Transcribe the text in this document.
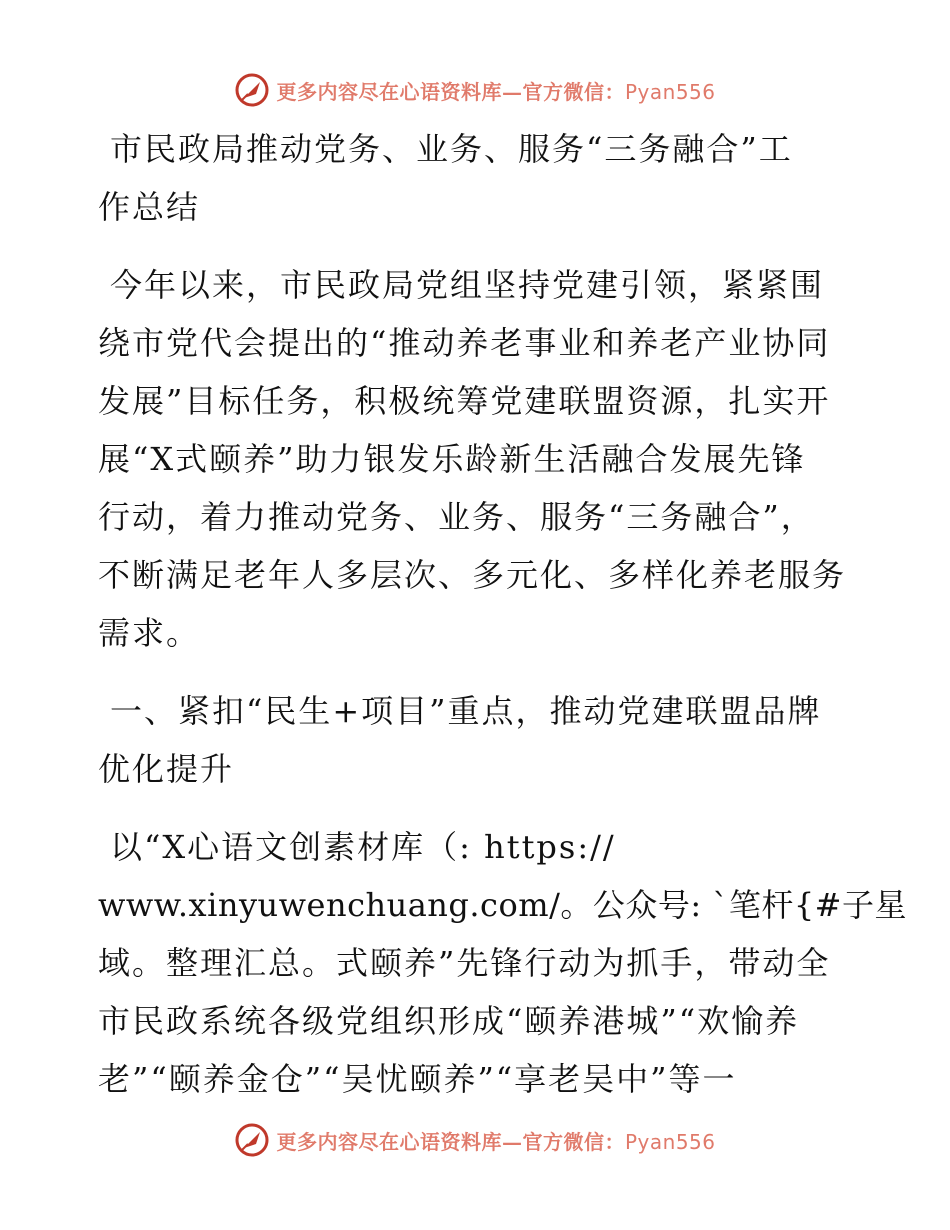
更多内容尽在心语资料库—官方微信：Pyan556
市民政局推动党务、业务、服务“三务融合”工
作总结
今年以来，市民政局党组坚持党建引领，紧紧围
绕市党代会提出的“推动养老事业和养老产业协同
发展”目标任务，积极统筹党建联盟资源，扎实开
展“X式颐养”助力银发乐龄新生活融合发展先锋
行动，着力推动党务、业务、服务“三务融合”，
不断满足老年人多层次、多元化、多样化养老服务
需求。
一、紧扣“民生+项目”重点，推动党建联盟品牌
优化提升
以“X心语文创素材库（: https://
www.xinyuwenchuang.com/。公众号: `笔杆{#子星
域。整理汇总。式颐养”先锋行动为抓手，带动全
市民政系统各级党组织形成“颐养港城”“欢愉养
老”“颐养金仓”“吴忧颐养”“享老吴中”等一
更多内容尽在心语资料库—官方微信：Pyan556
